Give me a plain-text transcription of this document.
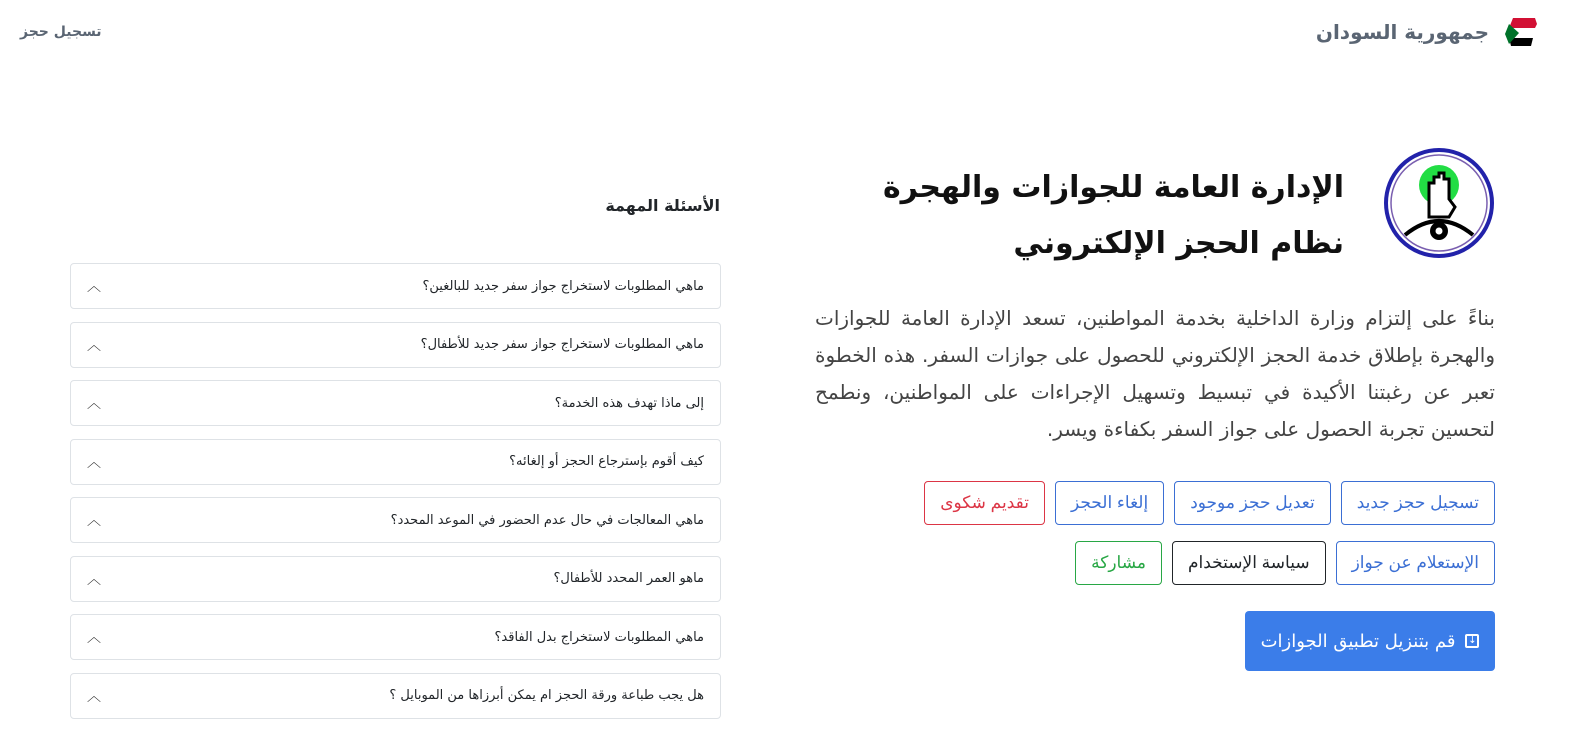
جمهورية السودان
تسجيل حجز
الإدارة العامة للجوازات والهجرة
نظام الحجز الإلكتروني

بناءً على إلتزام وزارة الداخلية بخدمة المواطنين، تسعد الإدارة العامة للجوازات والهجرة بإطلاق خدمة الحجز الإلكتروني للحصول على جوازات السفر. هذه الخطوة تعبر عن رغبتنا الأكيدة في تبسيط وتسهيل الإجراءات على المواطنين، ونطمح لتحسين تجربة الحصول على جواز السفر بكفاءة ويسر.

تسجيل حجز جديد
تعديل حجز موجود
إلغاء الحجز
تقديم شكوى
الإستعلام عن جواز
سياسة الإستخدام
مشاركة
↓
قم بتنزيل تطبيق الجوازات
الأسئلة المهمة
ماهي المطلوبات لاستخراج جواز سفر جديد للبالغين؟
︿
ماهي المطلوبات لاستخراج جواز سفر جديد للأطفال؟
︿
إلى ماذا تهدف هذه الخدمة؟
︿
كيف أقوم بإسترجاع الحجز أو إلغائه؟
︿
ماهي المعالجات في حال عدم الحضور في الموعد المحدد؟
︿
ماهو العمر المحدد للأطفال؟
︿
ماهي المطلوبات لاستخراج بدل الفاقد؟
︿
هل يجب طباعة ورقة الحجز ام يمكن أبرزاها من الموبايل ؟
︿
